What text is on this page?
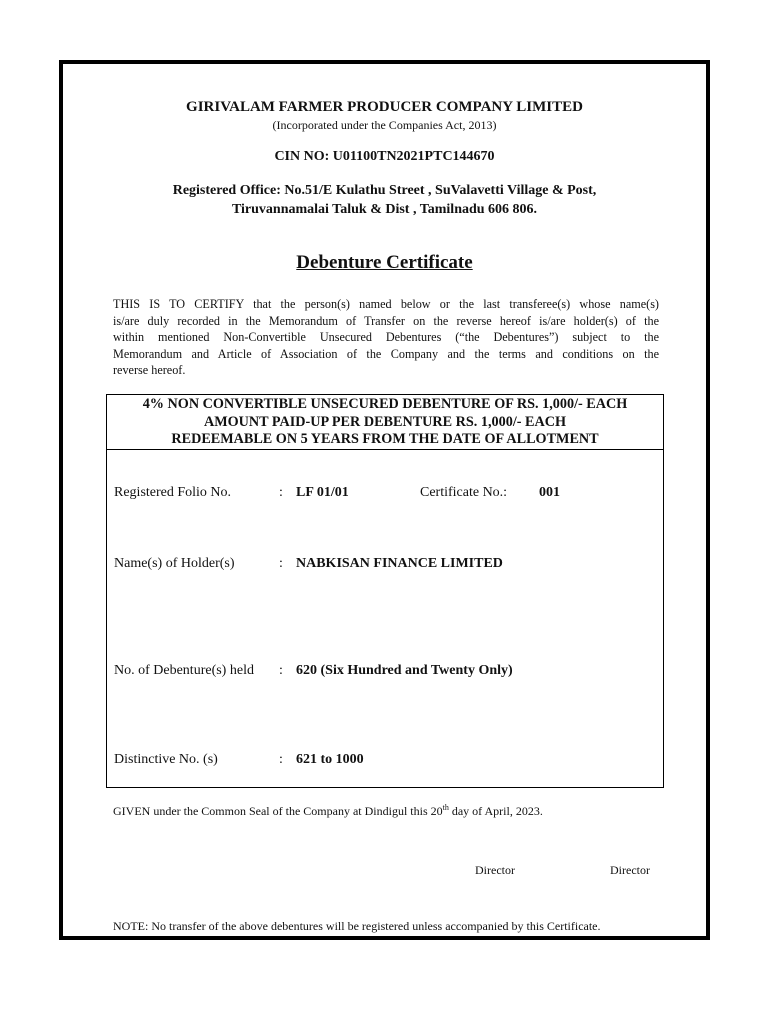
GIRIVALAM FARMER PRODUCER COMPANY LIMITED
(Incorporated under the Companies Act, 2013)
CIN NO: U01100TN2021PTC144670
Registered Office: No.51/E Kulathu Street , SuValavetti Village & Post,
Tiruvannamalai Taluk & Dist , Tamilnadu 606 806.
Debenture Certificate
THIS IS TO CERTIFY that the person(s) named below or the last transferee(s) whose name(s)
is/are duly recorded in the Memorandum of Transfer on the reverse hereof is/are holder(s) of the
within mentioned Non-Convertible Unsecured Debentures (“the Debentures”) subject to the
Memorandum and Article of Association of the Company and the terms and conditions on the
reverse hereof.
4% NON CONVERTIBLE UNSECURED DEBENTURE OF RS. 1,000/- EACH
AMOUNT PAID-UP PER DEBENTURE RS. 1,000/- EACH
REDEEMABLE ON 5 YEARS FROM THE DATE OF ALLOTMENT
Registered Folio No.	: LF 01/01	Certificate No.: 001
Name(s) of Holder(s)	: NABKISAN FINANCE LIMITED
No. of Debenture(s) held : 620 (Six Hundred and Twenty Only)
Distinctive No. (s)	: 621 to 1000
GIVEN under the Common Seal of the Company at Dindigul this 20th day of April, 2023.
Director	Director
NOTE: No transfer of the above debentures will be registered unless accompanied by this Certificate.
